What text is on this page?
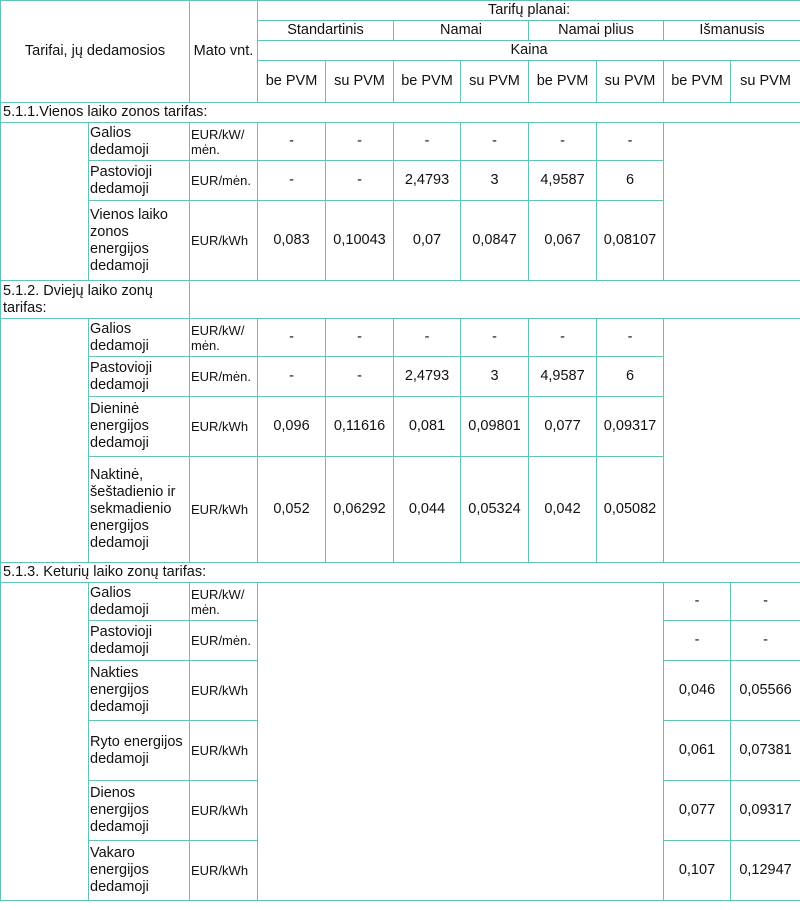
Tarifai, jų dedamosios		Mato vnt.	Tarifų planai:							
			Standartinis		Namai		Namai plius		Išmanusis	
			Kaina							
			be PVM	su PVM	be PVM	su PVM	be PVM	su PVM	be PVM	su PVM
5.1.1.Vienos laiko zonos tarifas:										
	Galios dedamoji	EUR/kW/ mėn.	-	-	-	-	-	-		
	Pastovioji dedamoji	EUR/mėn.	-	-	2,4793	3	4,9587	6		
	Vienos laiko zonos energijos dedamoji	EUR/kWh	0,083	0,10043	0,07	0,0847	0,067	0,08107		
5.1.2. Dviejų laiko zonų tarifas:										
	Galios dedamoji	EUR/kW/ mėn.	-	-	-	-	-	-		
	Pastovioji dedamoji	EUR/mėn.	-	-	2,4793	3	4,9587	6		
	Dieninė energijos dedamoji	EUR/kWh	0,096	0,11616	0,081	0,09801	0,077	0,09317		
	Naktinė, šeštadienio ir sekmadienio energijos dedamoji	EUR/kWh	0,052	0,06292	0,044	0,05324	0,042	0,05082		
5.1.3. Keturių laiko zonų tarifas:										
	Galios dedamoji	EUR/kW/ mėn.							-	-
	Pastovioji dedamoji	EUR/mėn.							-	-
	Nakties energijos dedamoji	EUR/kWh							0,046	0,05566
	Ryto energijos dedamoji	EUR/kWh							0,061	0,07381
	Dienos energijos dedamoji	EUR/kWh							0,077	0,09317
	Vakaro energijos dedamoji	EUR/kWh							0,107	0,12947
